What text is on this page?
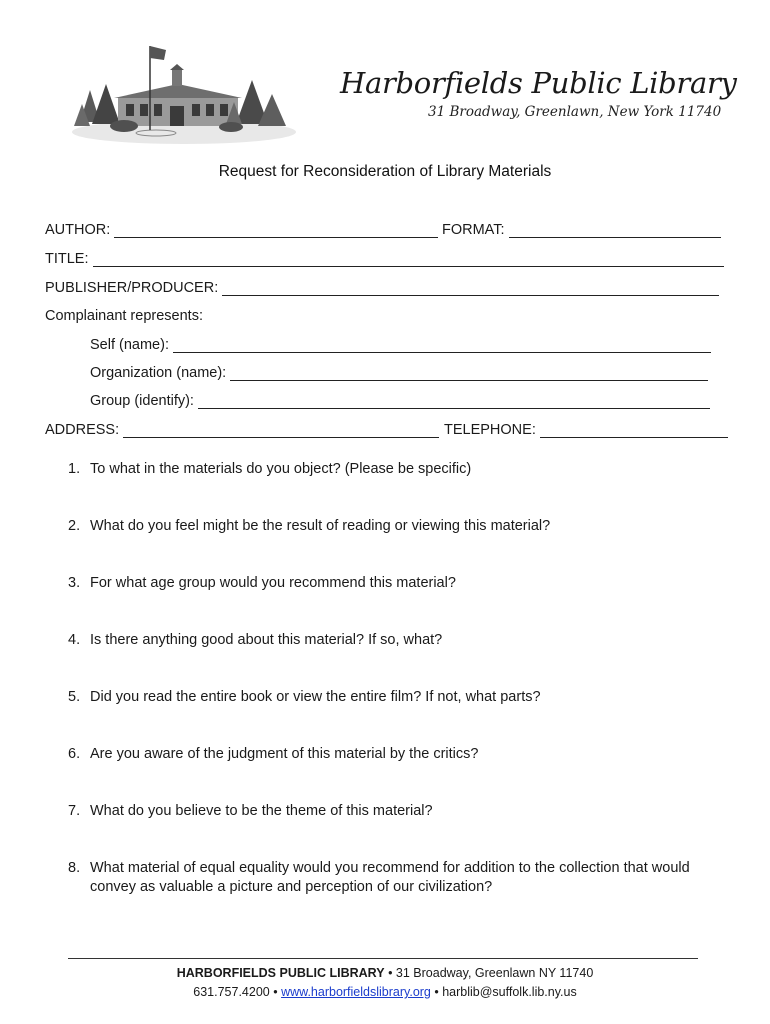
Harborfields Public Library
31 Broadway, Greenlawn, New York 11740
Request for Reconsideration of Library Materials
AUTHOR:	FORMAT:
TITLE:
PUBLISHER/PRODUCER:
Complainant represents:
Self (name):
Organization (name):
Group (identify):
ADDRESS:	TELEPHONE:
1. To what in the materials do you object? (Please be specific)
2. What do you feel might be the result of reading or viewing this material?
3. For what age group would you recommend this material?
4. Is there anything good about this material? If so, what?
5. Did you read the entire book or view the entire film? If not, what parts?
6. Are you aware of the judgment of this material by the critics?
7. What do you believe to be the theme of this material?
8. What material of equal equality would you recommend for addition to the collection that would convey as valuable a picture and perception of our civilization?
HARBORFIELDS PUBLIC LIBRARY • 31 Broadway, Greenlawn NY 11740
631.757.4200 • www.harborfieldslibrary.org • harblib@suffolk.lib.ny.us
